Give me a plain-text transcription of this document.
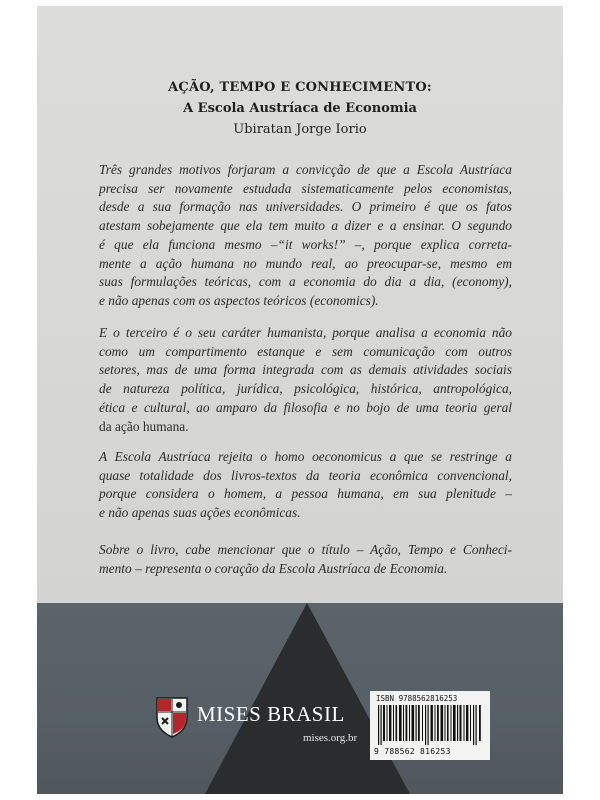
AÇÃO, TEMPO E CONHECIMENTO:
A Escola Austríaca de Economia
Ubiratan Jorge Iorio
Três grandes motivos forjaram a convicção de que a Escola Austríaca
precisa ser novamente estudada sistematicamente pelos economistas,
desde a sua formação nas universidades. O primeiro é que os fatos
atestam sobejamente que ela tem muito a dizer e a ensinar. O segundo
é que ela funciona mesmo –“it works!” –, porque explica correta-
mente a ação humana no mundo real, ao preocupar-se, mesmo em
suas formulações teóricas, com a economia do dia a dia, (economy),
e não apenas com os aspectos teóricos (economics).
E o terceiro é o seu caráter humanista, porque analisa a economia não
como um compartimento estanque e sem comunicação com outros
setores, mas de uma forma integrada com as demais atividades sociais
de natureza política, jurídica, psicológica, histórica, antropológica,
ética e cultural, ao amparo da filosofia e no bojo de uma teoria geral
da ação humana.
A Escola Austríaca rejeita o homo oeconomicus a que se restringe a
quase totalidade dos livros-textos da teoria econômica convencional,
porque considera o homem, a pessoa humana, em sua plenitude –
e não apenas suas ações econômicas.
Sobre o livro, cabe mencionar que o título – Ação, Tempo e Conheci-
mento – representa o coração da Escola Austríaca de Economia.
MISES BRASIL
mises.org.br
ISBN 9788562816253
9 788562 816253
